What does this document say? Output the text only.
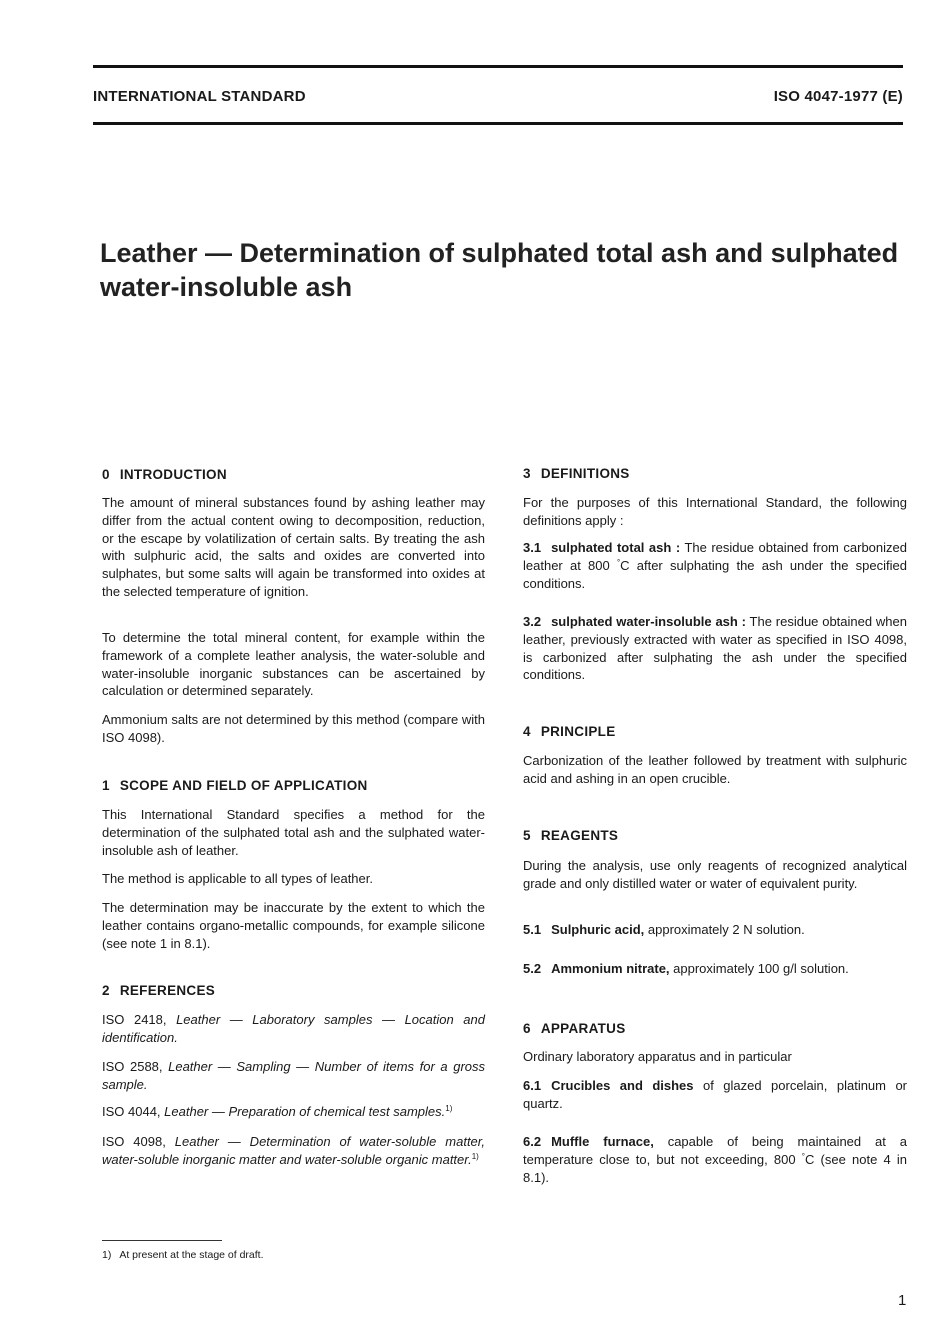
INTERNATIONAL STANDARD	ISO 4047-1977 (E)
Leather — Determination of sulphated total ash and sulphated water-insoluble ash
0 INTRODUCTION
The amount of mineral substances found by ashing leather may differ from the actual content owing to decomposition, reduction, or the escape by volatilization of certain salts. By treating the ash with sulphuric acid, the salts and oxides are converted into sulphates, but some salts will again be transformed into oxides at the selected temperature of ignition.
To determine the total mineral content, for example within the framework of a complete leather analysis, the water-soluble and water-insoluble inorganic substances can be ascertained by calculation or determined separately.
Ammonium salts are not determined by this method (compare with ISO 4098).
1 SCOPE AND FIELD OF APPLICATION
This International Standard specifies a method for the determination of the sulphated total ash and the sulphated water-insoluble ash of leather.
The method is applicable to all types of leather.
The determination may be inaccurate by the extent to which the leather contains organo-metallic compounds, for example silicone (see note 1 in 8.1).
2 REFERENCES
ISO 2418, Leather — Laboratory samples — Location and identification.
ISO 2588, Leather — Sampling — Number of items for a gross sample.
ISO 4044, Leather — Preparation of chemical test samples.$^{1)}$
ISO 4098, Leather — Determination of water-soluble matter, water-soluble inorganic matter and water-soluble organic matter.$^{1)}$
3 DEFINITIONS
For the purposes of this International Standard, the following definitions apply :
3.1 sulphated total ash : The residue obtained from carbonized leather at 800 °C after sulphating the ash under the specified conditions.
3.2 sulphated water-insoluble ash : The residue obtained when leather, previously extracted with water as specified in ISO 4098, is carbonized after sulphating the ash under the specified conditions.
4 PRINCIPLE
Carbonization of the leather followed by treatment with sulphuric acid and ashing in an open crucible.
5 REAGENTS
During the analysis, use only reagents of recognized analytical grade and only distilled water or water of equivalent purity.
5.1 Sulphuric acid, approximately 2 N solution.
5.2 Ammonium nitrate, approximately 100 g/l solution.
6 APPARATUS
Ordinary laboratory apparatus and in particular
6.1 Crucibles and dishes of glazed porcelain, platinum or quartz.
6.2 Muffle furnace, capable of being maintained at a temperature close to, but not exceeding, 800 °C (see note 4 in 8.1).
1) At present at the stage of draft.
1
